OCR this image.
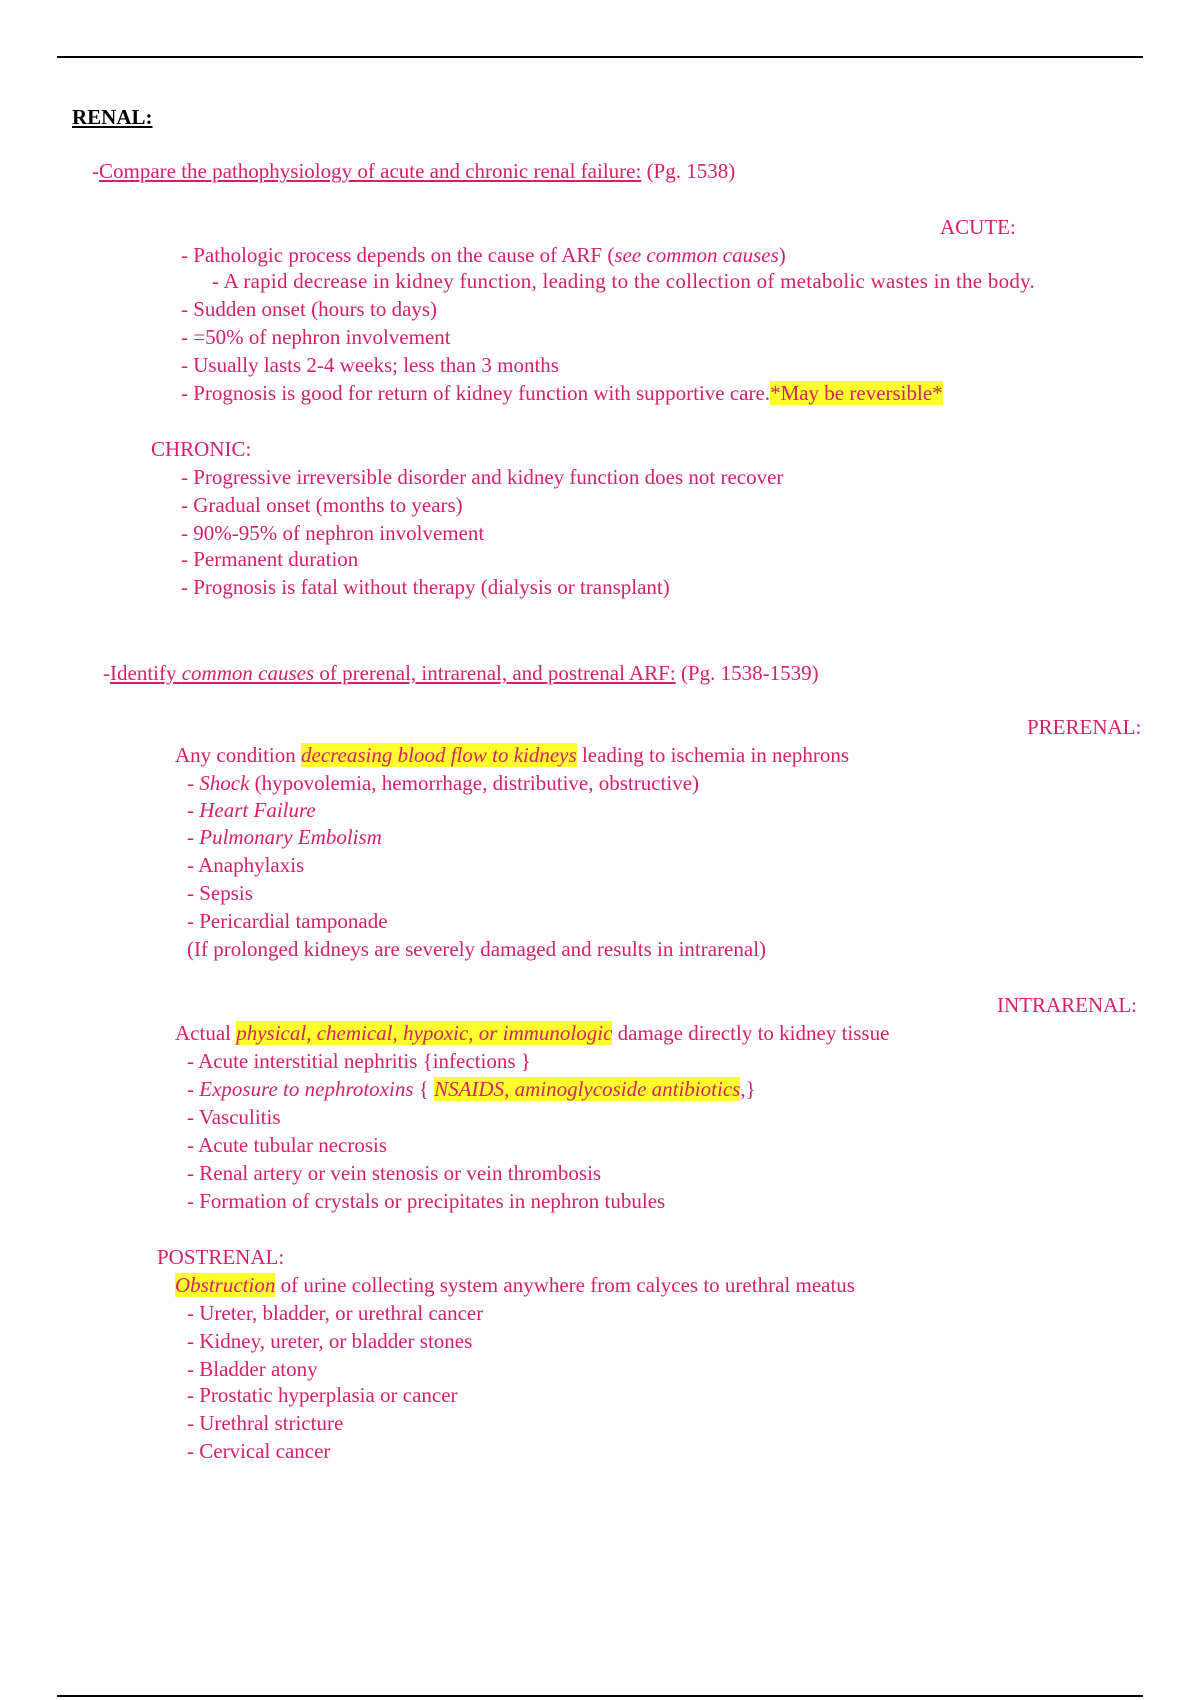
RENAL:
-Compare the pathophysiology of acute and chronic renal failure: (Pg. 1538)
ACUTE:
- Pathologic process depends on the cause of ARF (see common causes)
- A rapid decrease in kidney function, leading to the collection of metabolic wastes in the body.
- Sudden onset (hours to days)
- =50% of nephron involvement
- Usually lasts 2-4 weeks; less than 3 months
- Prognosis is good for return of kidney function with supportive care.*May be reversible*
CHRONIC:
- Progressive irreversible disorder and kidney function does not recover
- Gradual onset (months to years)
- 90%-95% of nephron involvement
- Permanent duration
- Prognosis is fatal without therapy (dialysis or transplant)
-Identify common causes of prerenal, intrarenal, and postrenal ARF: (Pg. 1538-1539)
PRERENAL:
Any condition decreasing blood flow to kidneys leading to ischemia in nephrons
- Shock (hypovolemia, hemorrhage, distributive, obstructive)
- Heart Failure
- Pulmonary Embolism
- Anaphylaxis
- Sepsis
- Pericardial tamponade
(If prolonged kidneys are severely damaged and results in intrarenal)
INTRARENAL:
Actual physical, chemical, hypoxic, or immunologic damage directly to kidney tissue
- Acute interstitial nephritis {infections }
- Exposure to nephrotoxins { NSAIDS, aminoglycoside antibiotics,}
- Vasculitis
- Acute tubular necrosis
- Renal artery or vein stenosis or vein thrombosis
- Formation of crystals or precipitates in nephron tubules
POSTRENAL:
Obstruction of urine collecting system anywhere from calyces to urethral meatus
- Ureter, bladder, or urethral cancer
- Kidney, ureter, or bladder stones
- Bladder atony
- Prostatic hyperplasia or cancer
- Urethral stricture
- Cervical cancer
